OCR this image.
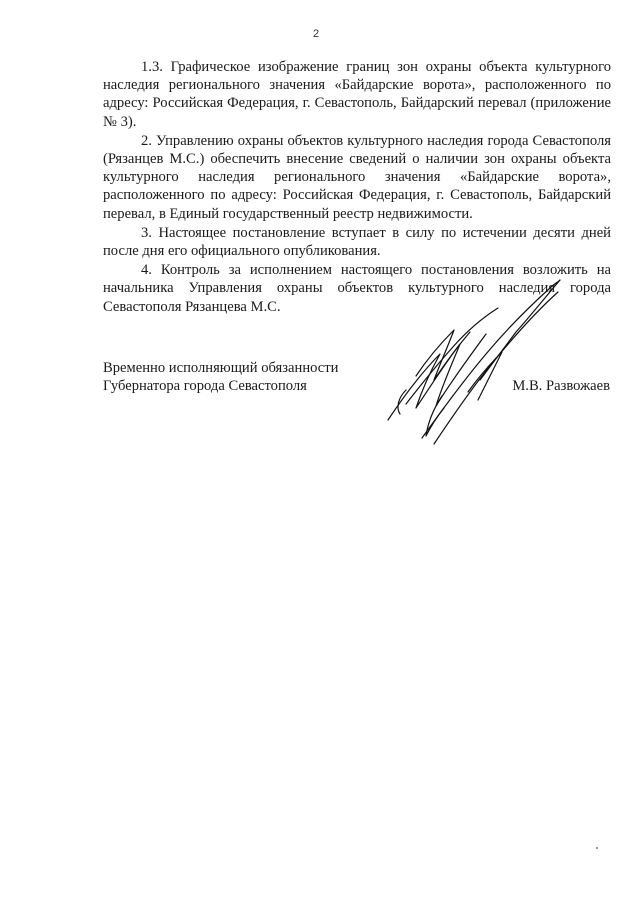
2

1.3. Графическое изображение границ зон охраны объекта культурного наследия регионального значения «Байдарские ворота», расположенного по адресу: Российская Федерация, г. Севастополь, Байдарский перевал (приложение № 3).

2. Управлению охраны объектов культурного наследия города Севастополя (Рязанцев М.С.) обеспечить внесение сведений о наличии зон охраны объекта культурного наследия регионального значения «Байдарские ворота», расположенного по адресу: Российская Федерация, г. Севастополь, Байдарский перевал, в Единый государственный реестр недвижимости.

3. Настоящее постановление вступает в силу по истечении десяти дней после дня его официального опубликования.

4. Контроль за исполнением настоящего постановления возложить на начальника Управления охраны объектов культурного наследия города Севастополя Рязанцева М.С.

Временно исполняющий обязанности
Губернатора города Севастополя	М.В. Развожаев
